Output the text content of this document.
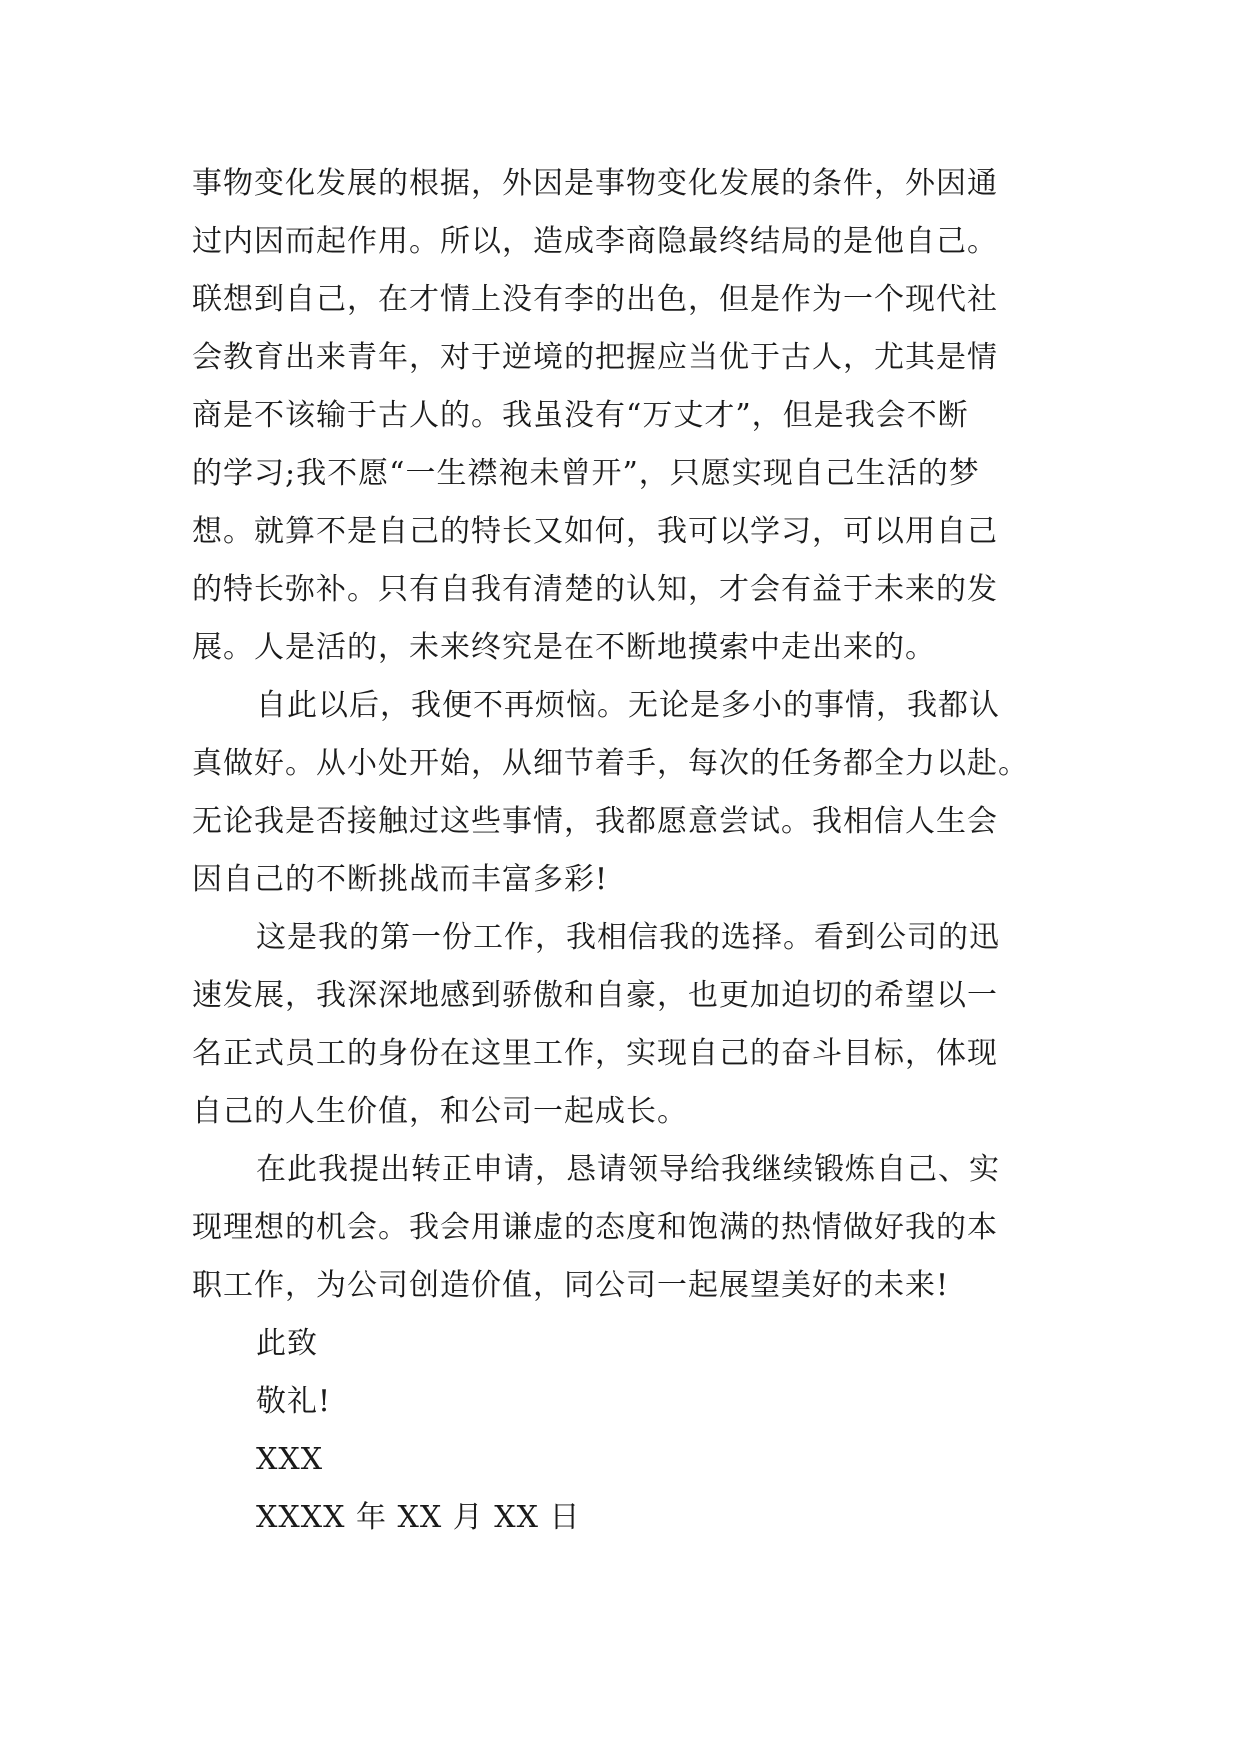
事物变化发展的根据，外因是事物变化发展的条件，外因通
过内因而起作用。所以，造成李商隐最终结局的是他自己。
联想到自己，在才情上没有李的出色，但是作为一个现代社
会教育出来青年，对于逆境的把握应当优于古人，尤其是情
商是不该输于古人的。我虽没有“万丈才”，但是我会不断
的学习;我不愿“一生襟袍未曾开”，只愿实现自己生活的梦
想。就算不是自己的特长又如何，我可以学习，可以用自己
的特长弥补。只有自我有清楚的认知，才会有益于未来的发
展。人是活的，未来终究是在不断地摸索中走出来的。
自此以后，我便不再烦恼。无论是多小的事情，我都认
真做好。从小处开始，从细节着手，每次的任务都全力以赴。
无论我是否接触过这些事情，我都愿意尝试。我相信人生会
因自己的不断挑战而丰富多彩!
这是我的第一份工作，我相信我的选择。看到公司的迅
速发展，我深深地感到骄傲和自豪，也更加迫切的希望以一
名正式员工的身份在这里工作，实现自己的奋斗目标，体现
自己的人生价值，和公司一起成长。
在此我提出转正申请，恳请领导给我继续锻炼自己、实
现理想的机会。我会用谦虚的态度和饱满的热情做好我的本
职工作，为公司创造价值，同公司一起展望美好的未来!
此致
敬礼!
XXX
XXXX 年 XX 月 XX 日
